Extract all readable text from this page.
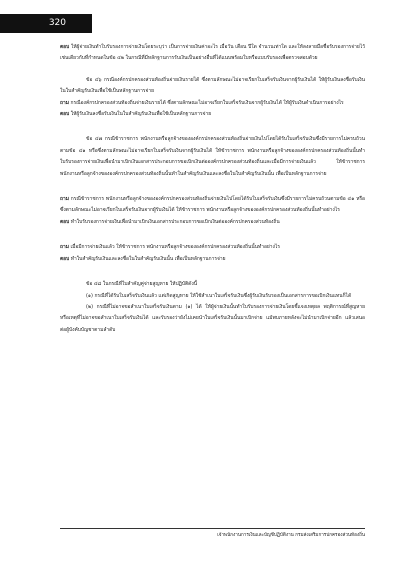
320

ตอบ ให้ผู้จ่ายเงินทำใบรับรองการจ่ายเงินโดยระบุว่า เป็นการจ่ายเงินค่าอะไร เมื่อวัน เดือน ปีใด จำนวนเท่าใด และให้ลงลายมือชื่อรับรองการจ่ายไว้เช่นเดียวกับที่กำหนดในข้อ ๔๒ ในกรณีที่มีหลักฐานการรับเงินเป็นอย่างอื่นที่ได้แนบพร้อมใบหรือแบบรับรองเพื่อตรวจสอบด้วย

ข้อ ๔๖ กรณีองค์กรปกครองส่วนท้องถิ่นจ่ายเงินรายได้ ซึ่งตามลักษณะไม่อาจเรียกใบเสร็จรับเงินจากผู้รับเงินได้ ให้ผู้รับเงินลงชื่อรับเงินในใบสำคัญรับเงินเพื่อใช้เป็นหลักฐานการจ่าย

ถาม กรณีองค์กรปกครองส่วนท้องถิ่นจ่ายเงินรายได้ ซึ่งตามลักษณะไม่อาจเรียกใบเสร็จรับเงินจากผู้รับเงินได้ ให้ผู้รับเงินดำเนินการอย่างไร

ตอบ ให้ผู้รับเงินลงชื่อรับเงินในใบสำคัญรับเงินเพื่อใช้เป็นหลักฐานการจ่าย

ข้อ ๔๗ กรณีข้าราชการ พนักงานหรือลูกจ้างขององค์กรปกครองส่วนท้องถิ่นจ่ายเงินไปโดยได้รับใบเสร็จรับเงินซึ่งมีรายการไม่ครบถ้วนตามข้อ ๔๑ หรือซึ่งตามลักษณะไม่อาจเรียกใบเสร็จรับเงินจากผู้รับเงินได้ ให้ข้าราชการ พนักงานหรือลูกจ้างขององค์กรปกครองส่วนท้องถิ่นนั้นทำใบรับรองการจ่ายเงินเพื่อนำมาเบิกเงินเอกสารประกอบการขอเบิกเงินต่อองค์กรปกครองส่วนท้องถิ่นและเมื่อมีการจ่ายเงินแล้ว ให้ข้าราชการ พนักงานหรือลูกจ้างขององค์กรปกครองส่วนท้องถิ่นนั้นทำในสำคัญรับเงินและลงชื่อในใบสำคัญรับเงินนั้น เพื่อเป็นหลักฐานการจ่าย

ถาม กรณีข้าราชการ พนักงานหรือลูกจ้างขององค์กรปกครองส่วนท้องถิ่นจ่ายเงินไปโดยได้รับใบเสร็จรับเงินซึ่งมีรายการไม่ครบถ้วนตามข้อ ๔๑ หรือซึ่งตามลักษณะไม่อาจเรียกใบเสร็จรับเงินจากผู้รับเงินได้ ให้ข้าราชการ พนักงานหรือลูกจ้างขององค์กรปกครองส่วนท้องถิ่นนั้นทำอย่างไร

ตอบ ทำใบรับรองการจ่ายเงินเพื่อนำมาเบิกเงินเอกสารประกอบการขอเบิกเงินต่อองค์กรปกครองส่วนท้องถิ่น

ถาม เมื่อมีการจ่ายเงินแล้ว ให้ข้าราชการ พนักงานหรือลูกจ้างขององค์กรปกครองส่วนท้องถิ่นนั้นทำอย่างไร

ตอบ ทำใบสำคัญรับเงินและลงชื่อในใบสำคัญรับเงินนั้น เพื่อเป็นหลักฐานการจ่าย

ข้อ ๔๘ ในกรณีที่ใบสำคัญคู่จ่ายสูญหาย ให้ปฏิบัติดังนี้

(๑) กรณีที่ได้รับใบเสร็จรับเงินแล้ว แต่เกิดสูญหาย ให้ใช้สำเนาใบเสร็จรับเงินซึ่งผู้รับเงินรับรองเป็นเอกสารการขอเบิกเงินแทนก็ได้

(๒) กรณีที่ไม่อาจขอสำเนาใบเสร็จรับเงินตาม (๑) ได้ ให้ผู้จ่ายเงินนั้นทำใบรับรองการจ่ายเงินโดยชี้แจงเหตุผล พฤติการณ์ที่สูญหาย หรือเหตุที่ไม่อาจขอสำเนาใบเสร็จรับเงินได้ และรับรองว่ายังไม่เคยนำใบเสร็จรับเงินนั้นมาเบิกจ่าย แม้พบภายหลังจะไม่นำมาเบิกจ่ายอีก แล้วเสนอต่อผู้บังคับบัญชาตามลำดับ

เจ้าพนักงานการเงินและบัญชีปฏิบัติงาน กรมส่งเสริมการปกครองส่วนท้องถิ่น
